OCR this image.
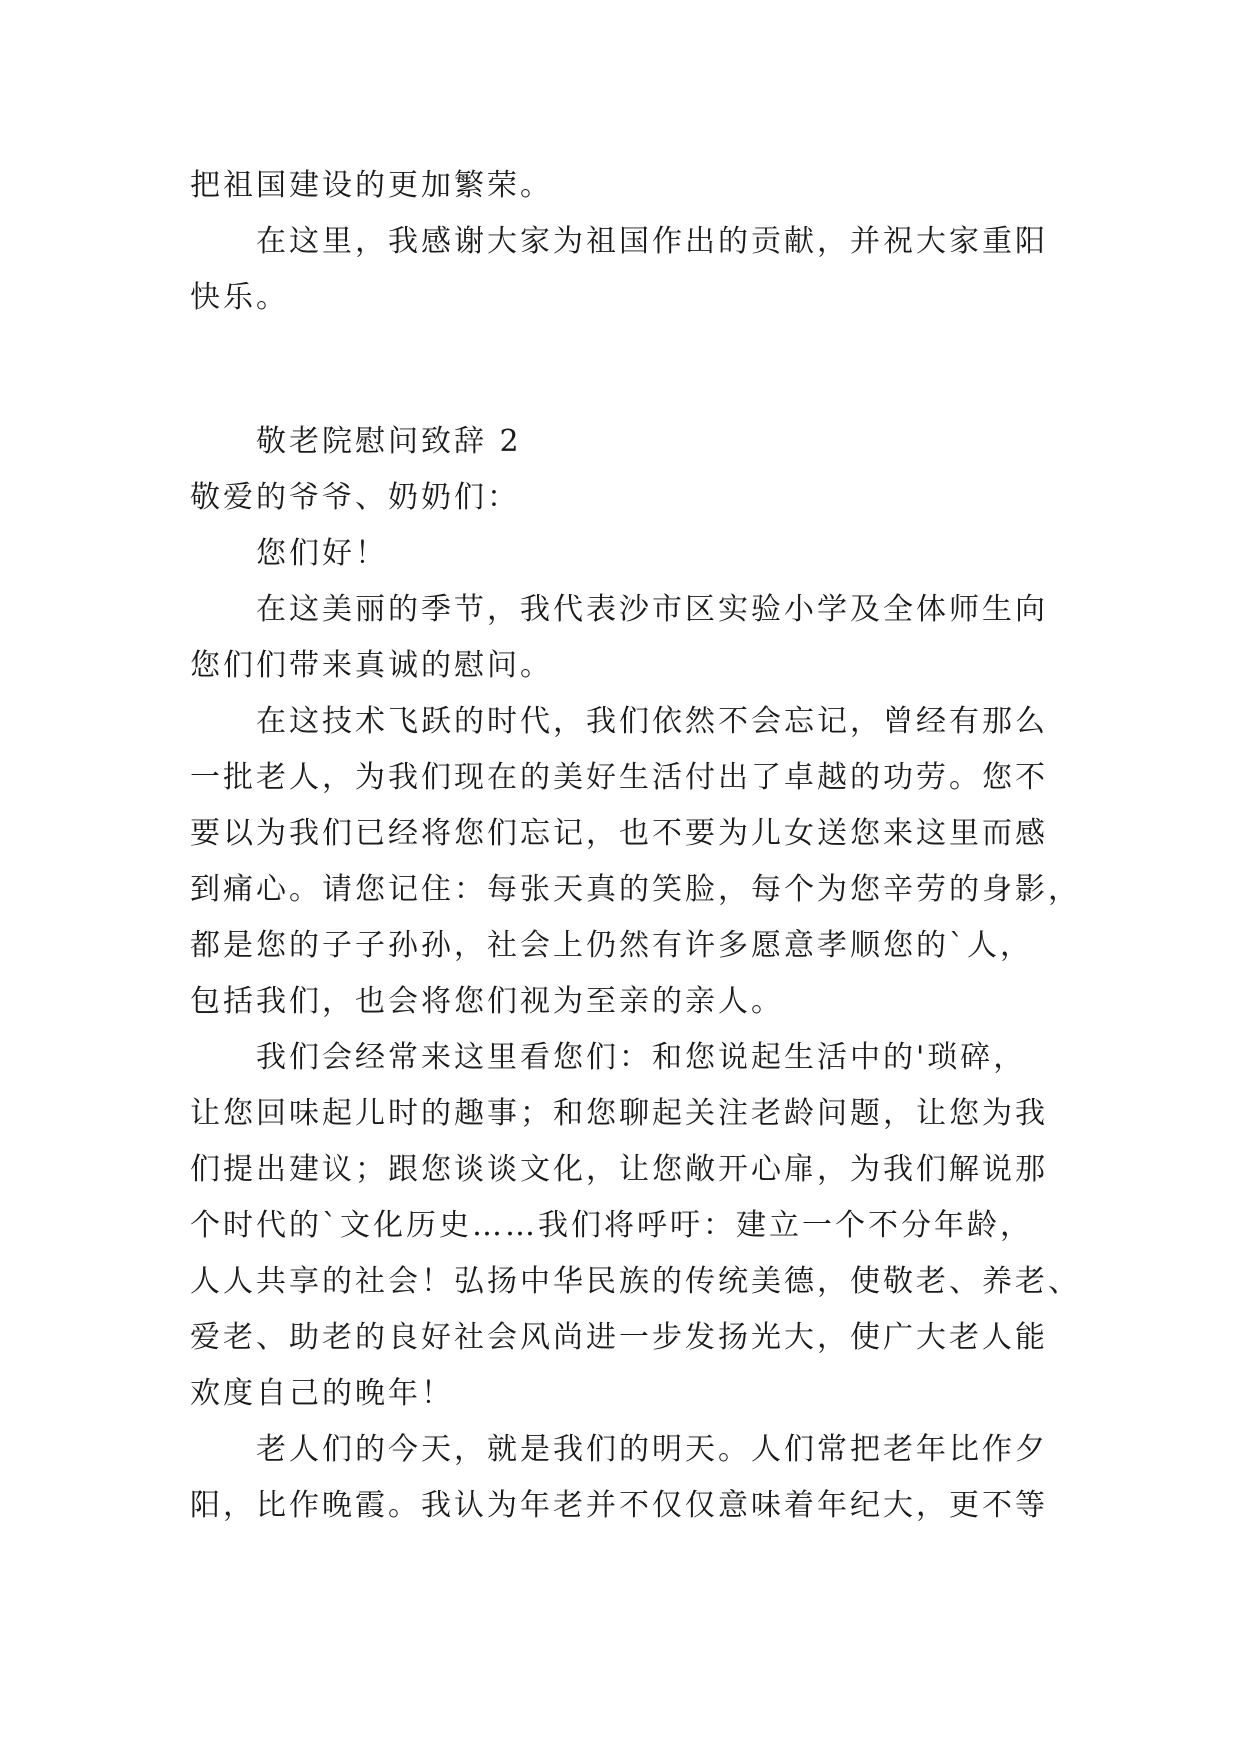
把祖国建设的更加繁荣。
在这里，我感谢大家为祖国作出的贡献，并祝大家重阳
快乐。
敬老院慰问致辞 2
敬爱的爷爷、奶奶们：
您们好！
在这美丽的季节，我代表沙市区实验小学及全体师生向
您们们带来真诚的慰问。
在这技术飞跃的时代，我们依然不会忘记，曾经有那么
一批老人，为我们现在的美好生活付出了卓越的功劳。您不
要以为我们已经将您们忘记，也不要为儿女送您来这里而感
到痛心。请您记住：每张天真的笑脸，每个为您辛劳的身影，
都是您的子子孙孙，社会上仍然有许多愿意孝顺您的`人，
包括我们，也会将您们视为至亲的亲人。
我们会经常来这里看您们：和您说起生活中的'琐碎，
让您回味起儿时的趣事；和您聊起关注老龄问题，让您为我
们提出建议；跟您谈谈文化，让您敞开心扉，为我们解说那
个时代的`文化历史……我们将呼吁：建立一个不分年龄，
人人共享的社会！弘扬中华民族的传统美德，使敬老、养老、
爱老、助老的良好社会风尚进一步发扬光大，使广大老人能
欢度自己的晚年！
老人们的今天，就是我们的明天。人们常把老年比作夕
阳，比作晚霞。我认为年老并不仅仅意味着年纪大，更不等
